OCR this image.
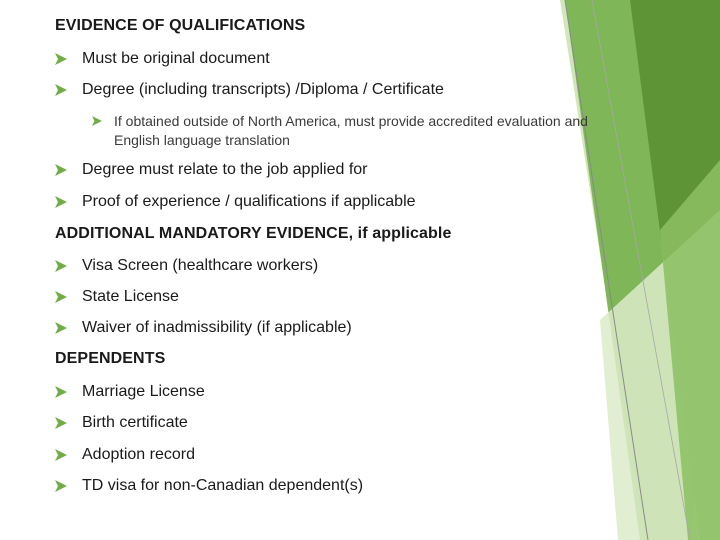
EVIDENCE OF QUALIFICATIONS
Must be original document
Degree (including transcripts) /Diploma / Certificate
If obtained outside of North America, must provide accredited evaluation and English language translation
Degree must relate to the job applied for
Proof of experience / qualifications if applicable
ADDITIONAL MANDATORY EVIDENCE, if applicable
Visa Screen (healthcare workers)
State License
Waiver of inadmissibility (if applicable)
DEPENDENTS
Marriage License
Birth certificate
Adoption record
TD visa for non-Canadian dependent(s)
